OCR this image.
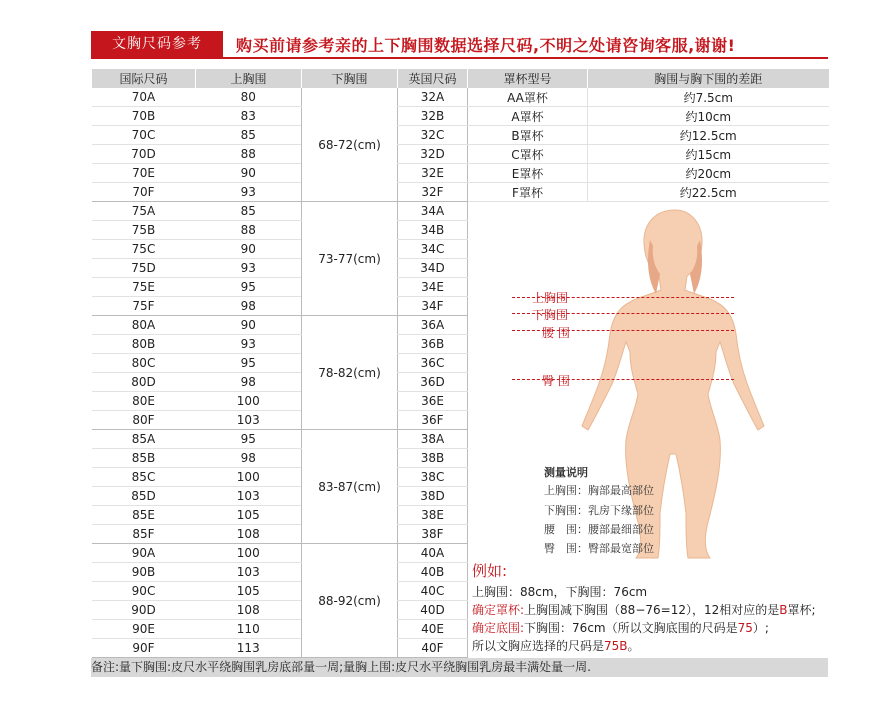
文胸尺码参考	购买前请参考亲的上下胸围数据选择尺码,不明之处请咨询客服,谢谢!
国际尺码	上胸围	下胸围	英国尺码	罩杯型号	胸围与胸下围的差距
70A	80	68-72(cm)	32A	AA罩杯	约7.5cm
70B	83		32B	A罩杯	约10cm
70C	85		32C	B罩杯	约12.5cm
70D	88		32D	C罩杯	约15cm
70E	90		32E	E罩杯	约20cm
70F	93		32F	F罩杯	约22.5cm
75A	85	73-77(cm)	34A		
75B	88		34B		
75C	90		34C		
75D	93		34D		
75E	95		34E		
75F	98		34F		
80A	90	78-82(cm)	36A		
80B	93		36B		
80C	95		36C		
80D	98		36D		
80E	100		36E		
80F	103		36F		
85A	95	83-87(cm)	38A		
85B	98		38B		
85C	100		38C		
85D	103		38D		
85E	105		38E		
85F	108		38F		
90A	100	88-92(cm)	40A		
90B	103		40B		
90C	105		40C		
90D	108		40D		
90E	110		40E		
90F	113		40F		
上胸围
下胸围
腰 围
臀 围
测量说明
上胸围：胸部最高部位
下胸围：乳房下缘部位
腰　围：腰部最细部位
臀　围：臀部最宽部位
例如:
上胸围：88cm，下胸围：76cm
确定罩杯:上胸围减下胸围（88−76=12），12相对应的是B罩杯;
确定底围:下胸围：76cm（所以文胸底围的尺码是75）;
所以文胸应选择的尺码是75B。
备注:量下胸围:皮尺水平绕胸围乳房底部量一周;量胸上围:皮尺水平绕胸围乳房最丰满处量一周.
